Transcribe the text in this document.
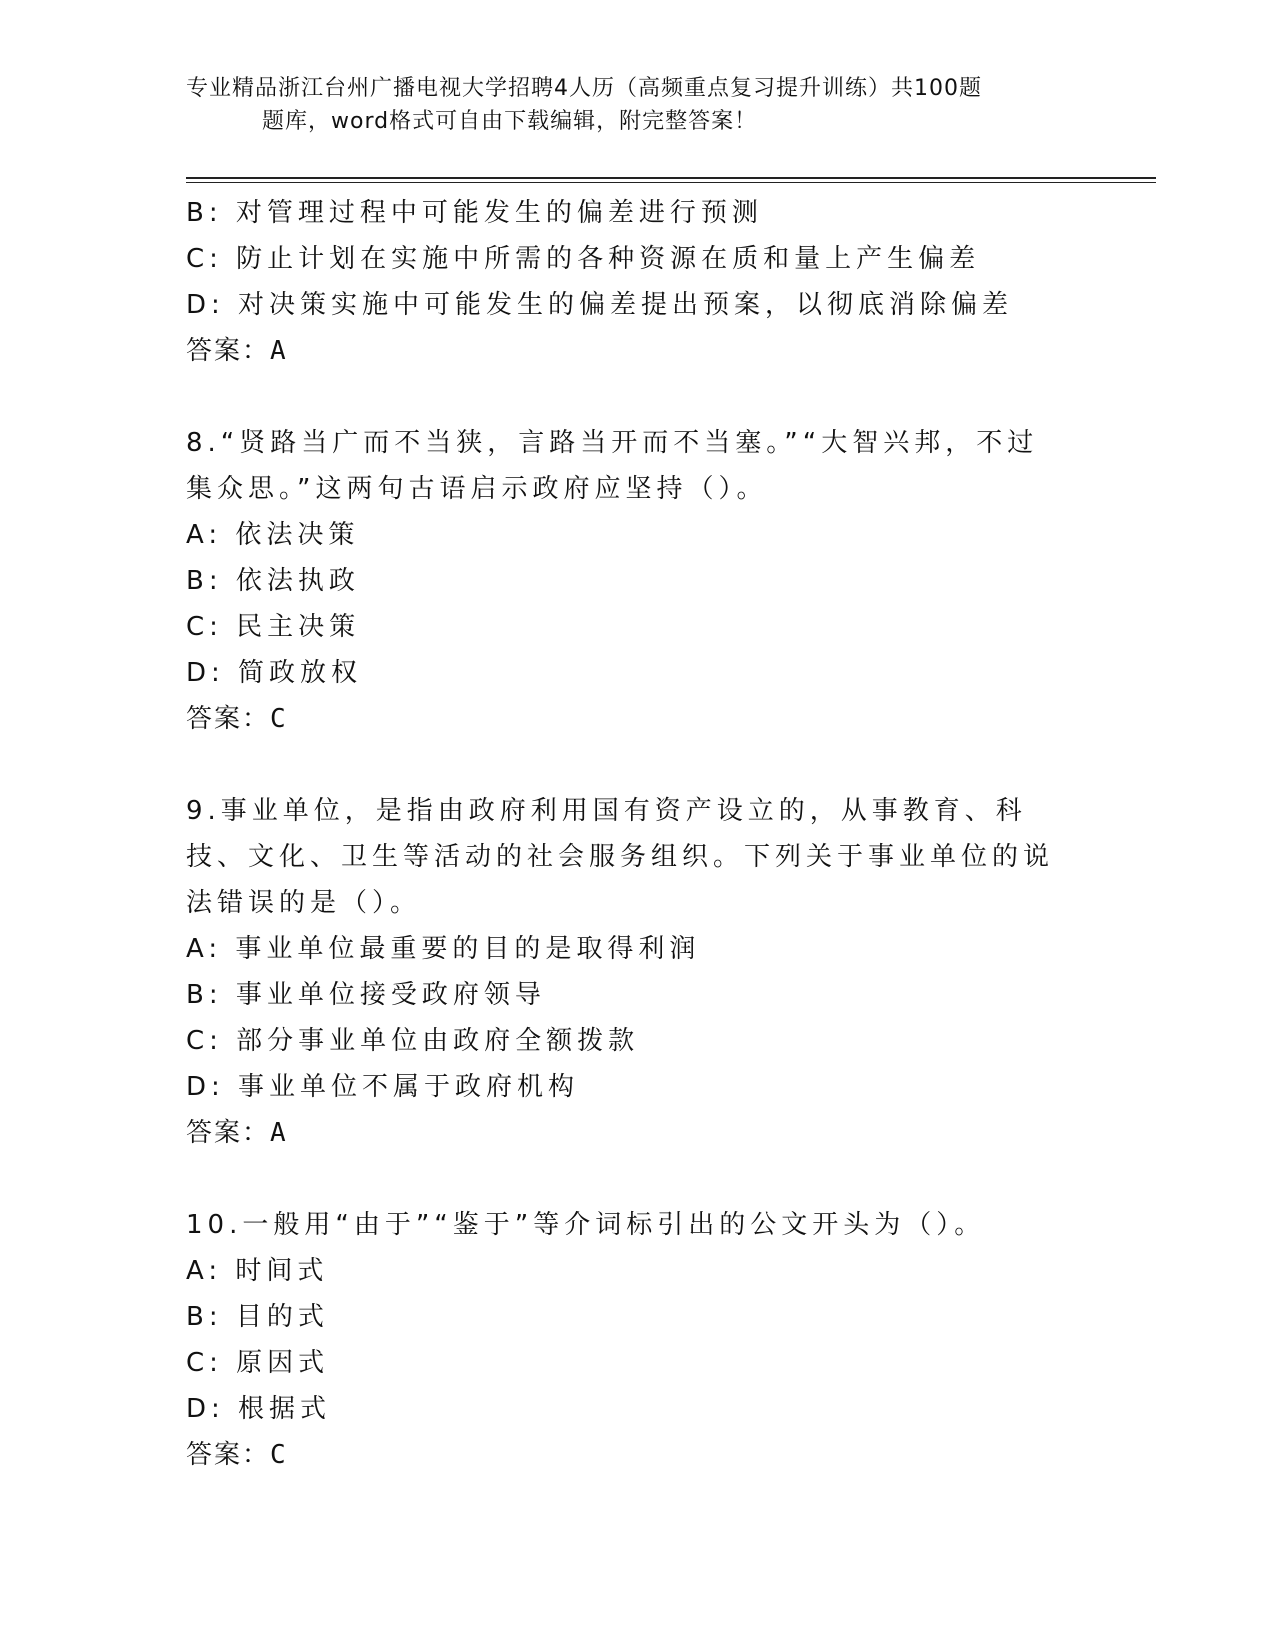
专业精品浙江台州广播电视大学招聘4人历（高频重点复习提升训练）共100题
题库，word格式可自由下载编辑，附完整答案！
B: 对管理过程中可能发生的偏差进行预测
C: 防止计划在实施中所需的各种资源在质和量上产生偏差
D: 对决策实施中可能发生的偏差提出预案，以彻底消除偏差
答案：A
8.“贤路当广而不当狭，言路当开而不当塞。”“大智兴邦，不过集众思。”这两句古语启示政府应坚持（）。
A: 依法决策
B: 依法执政
C: 民主决策
D: 简政放权
答案：C
9.事业单位，是指由政府利用国有资产设立的，从事教育、科技、文化、卫生等活动的社会服务组织。下列关于事业单位的说法错误的是（）。
A: 事业单位最重要的目的是取得利润
B: 事业单位接受政府领导
C: 部分事业单位由政府全额拨款
D: 事业单位不属于政府机构
答案：A
10.一般用“由于”“鉴于”等介词标引出的公文开头为（）。
A: 时间式
B: 目的式
C: 原因式
D: 根据式
答案：C
